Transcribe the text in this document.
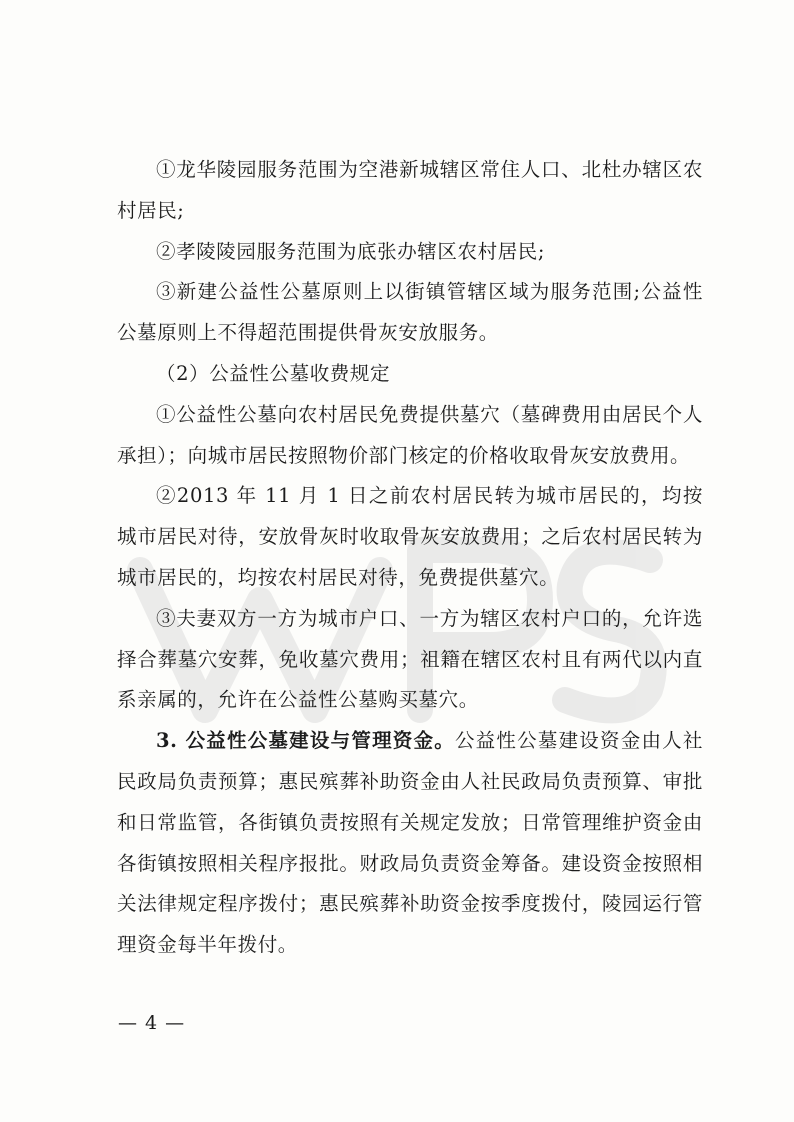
①龙华陵园服务范围为空港新城辖区常住人口、北杜办辖区农村居民;

②孝陵陵园服务范围为底张办辖区农村居民;

③新建公益性公墓原则上以街镇管辖区域为服务范围;公益性公墓原则上不得超范围提供骨灰安放服务。

（2）公益性公墓收费规定

①公益性公墓向农村居民免费提供墓穴（墓碑费用由居民个人承担）；向城市居民按照物价部门核定的价格收取骨灰安放费用。

②2013 年 11 月 1 日之前农村居民转为城市居民的，均按城市居民对待，安放骨灰时收取骨灰安放费用；之后农村居民转为城市居民的，均按农村居民对待，免费提供墓穴。

③夫妻双方一方为城市户口、一方为辖区农村户口的，允许选择合葬墓穴安葬，免收墓穴费用；祖籍在辖区农村且有两代以内直系亲属的，允许在公益性公墓购买墓穴。

3. 公益性公墓建设与管理资金。公益性公墓建设资金由人社民政局负责预算；惠民殡葬补助资金由人社民政局负责预算、审批和日常监管，各街镇负责按照有关规定发放；日常管理维护资金由各街镇按照相关程序报批。财政局负责资金筹备。建设资金按照相关法律规定程序拨付；惠民殡葬补助资金按季度拨付，陵园运行管理资金每半年拨付。

— 4 —
